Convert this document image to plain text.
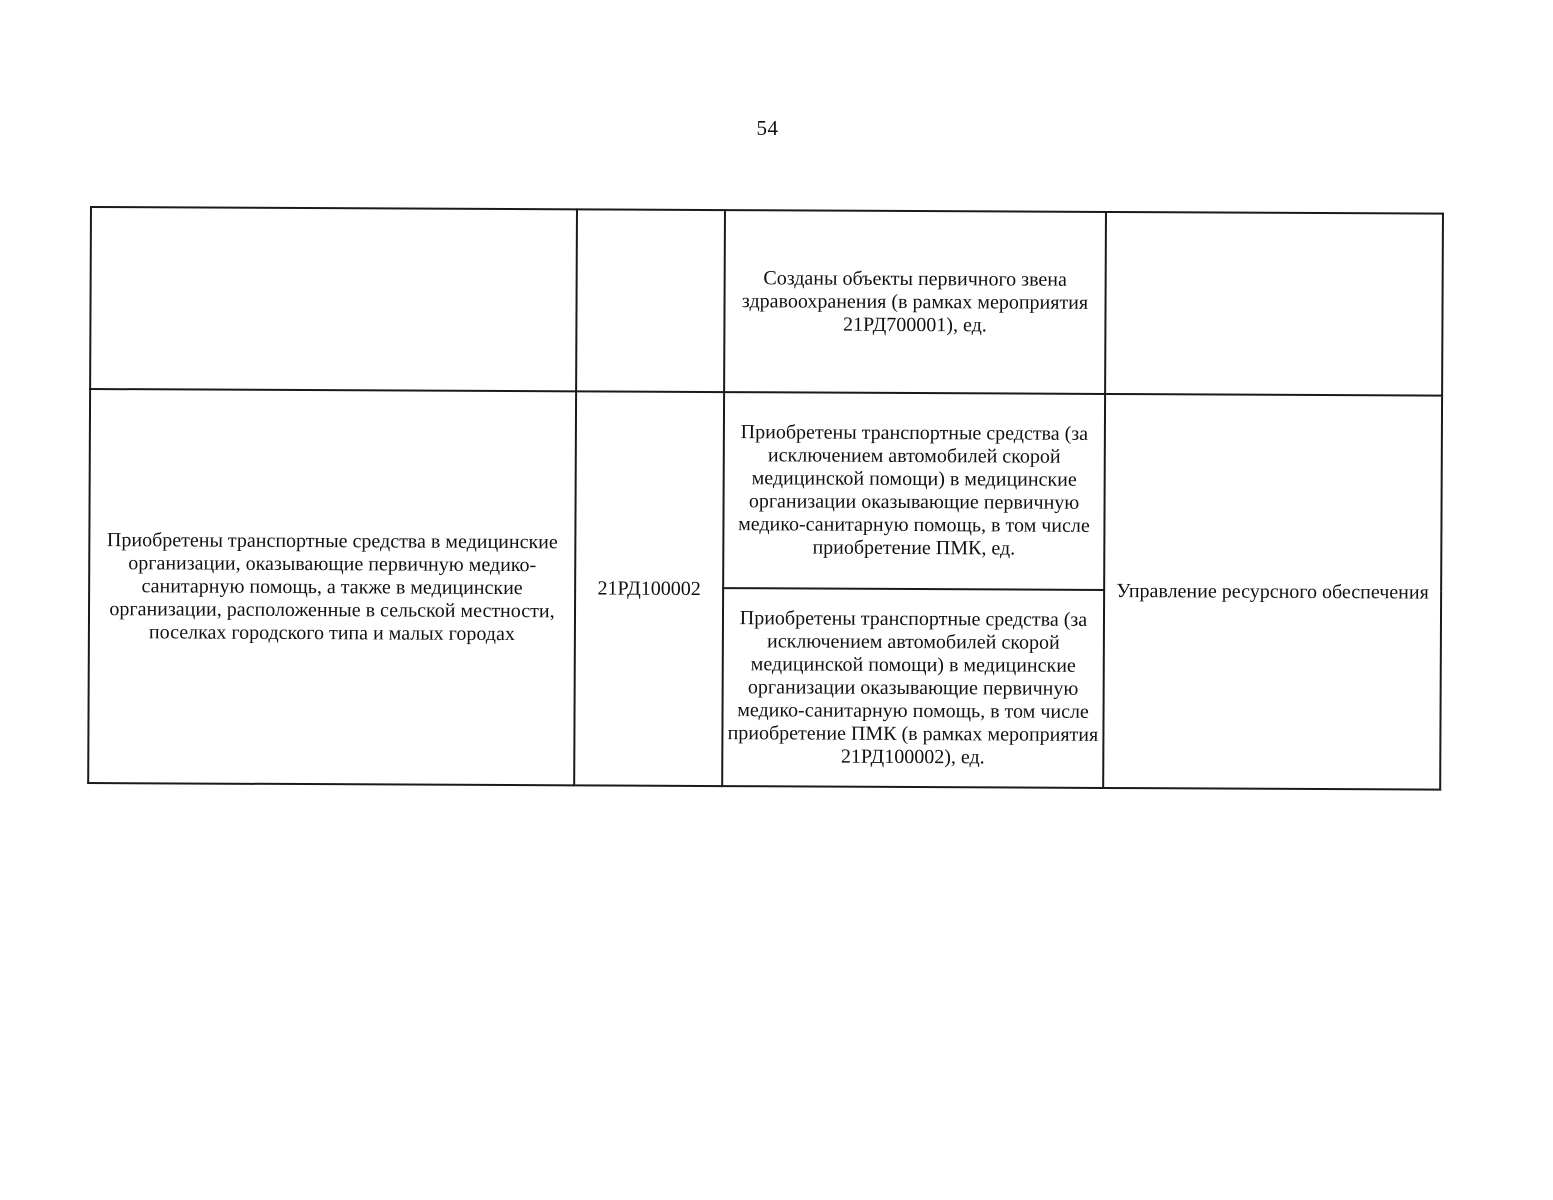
54
		Созданы объекты первичного звена здравоохранения (в рамках мероприятия 21РД700001), ед.	
Приобретены транспортные средства в медицинские организации, оказывающие первичную медико-санитарную помощь, а также в медицинские организации, расположенные в сельской местности, поселках городского типа и малых городах	21РД100002	Приобретены транспортные средства (за исключением автомобилей скорой медицинской помощи) в медицинские организации оказывающие первичную медико-санитарную помощь, в том числе приобретение ПМК, ед.	Управление ресурсного обеспечения
		Приобретены транспортные средства (за исключением автомобилей скорой медицинской помощи) в медицинские организации оказывающие первичную медико-санитарную помощь, в том числе приобретение ПМК (в рамках мероприятия 21РД100002), ед.	
